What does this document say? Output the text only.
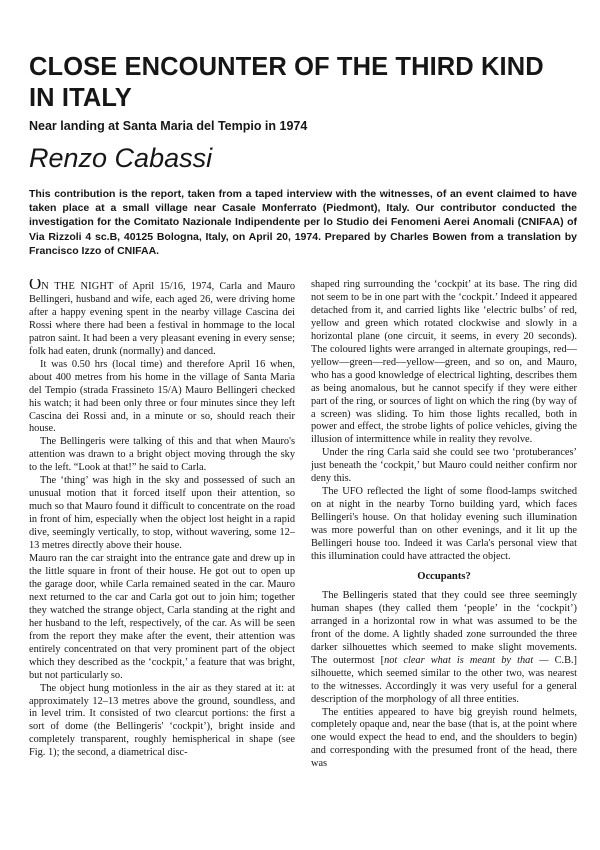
CLOSE ENCOUNTER OF THE THIRD KIND IN ITALY
Near landing at Santa Maria del Tempio in 1974
Renzo Cabassi

This contribution is the report, taken from a taped interview with the witnesses, of an event claimed to have taken place at a small village near Casale Monferrato (Piedmont), Italy. Our contributor conducted the investigation for the Comitato Nazionale Indipendente per lo Studio dei Fenomeni Aerei Anomali (CNIFAA) of Via Rizzoli 4 sc.B, 40125 Bologna, Italy, on April 20, 1974. Prepared by Charles Bowen from a translation by Francisco Izzo of CNIFAA.

ON THE NIGHT of April 15/16, 1974, Carla and Mauro Bellingeri, husband and wife, each aged 26, were driving home after a happy evening spent in the nearby village Cascina dei Rossi where there had been a festival in hommage to the local patron saint. It had been a very pleasant evening in every sense; folk had eaten, drunk (normally) and danced.

It was 0.50 hrs (local time) and therefore April 16 when, about 400 metres from his home in the village of Santa Maria del Tempio (strada Frassineto 15/A) Mauro Bellingeri checked his watch; it had been only three or four minutes since they left Cascina dei Rossi and, in a minute or so, should reach their house.

The Bellingeris were talking of this and that when Mauro's attention was drawn to a bright object moving through the sky to the left. “Look at that!” he said to Carla.

The ‘thing’ was high in the sky and possessed of such an unusual motion that it forced itself upon their attention, so much so that Mauro found it difficult to concentrate on the road in front of him, especially when the object lost height in a rapid dive, seemingly vertically, to stop, without wavering, some 12–13 metres directly above their house.

Mauro ran the car straight into the entrance gate and drew up in the little square in front of their house. He got out to open up the garage door, while Carla remained seated in the car. Mauro next returned to the car and Carla got out to join him; together they watched the strange object, Carla standing at the right and her husband to the left, respectively, of the car. As will be seen from the report they make after the event, their attention was entirely concentrated on that very prominent part of the object which they described as the ‘cockpit,’ a feature that was bright, but not particularly so.

The object hung motionless in the air as they stared at it: at approximately 12–13 metres above the ground, soundless, and in level trim. It consisted of two clearcut portions: the first a sort of dome (the Bellingeris' ‘cockpit’), bright inside and completely transparent, roughly hemispherical in shape (see Fig. 1); the second, a diametrical disc-

shaped ring surrounding the ‘cockpit’ at its base. The ring did not seem to be in one part with the ‘cockpit.’ Indeed it appeared detached from it, and carried lights like ‘electric bulbs’ of red, yellow and green which rotated clockwise and slowly in a horizontal plane (one circuit, it seems, in every 20 seconds). The coloured lights were arranged in alternate groupings, red—yellow—green—red—yellow—green, and so on, and Mauro, who has a good knowledge of electrical lighting, describes them as being anomalous, but he cannot specify if they were either part of the ring, or sources of light on which the ring (by way of a screen) was sliding. To him those lights recalled, both in power and effect, the strobe lights of police vehicles, giving the illusion of intermittence while in reality they revolve.

Under the ring Carla said she could see two ‘protuberances’ just beneath the ‘cockpit,’ but Mauro could neither confirm nor deny this.

The UFO reflected the light of some flood-lamps switched on at night in the nearby Torno building yard, which faces Bellingeri's house. On that holiday evening such illumination was more powerful than on other evenings, and it lit up the Bellingeri house too. Indeed it was Carla's personal view that this illumination could have attracted the object.

Occupants?

The Bellingeris stated that they could see three seemingly human shapes (they called them ‘people’ in the ‘cockpit’) arranged in a horizontal row in what was assumed to be the front of the dome. A lightly shaded zone surrounded the three darker silhouettes which seemed to make slight movements. The outermost [not clear what is meant by that — C.B.] silhouette, which seemed similar to the other two, was nearest to the witnesses. Accordingly it was very useful for a general description of the morphology of all three entities.

The entities appeared to have big greyish round helmets, completely opaque and, near the base (that is, at the point where one would expect the head to end, and the shoulders to begin) and corresponding with the presumed front of the head, there was
